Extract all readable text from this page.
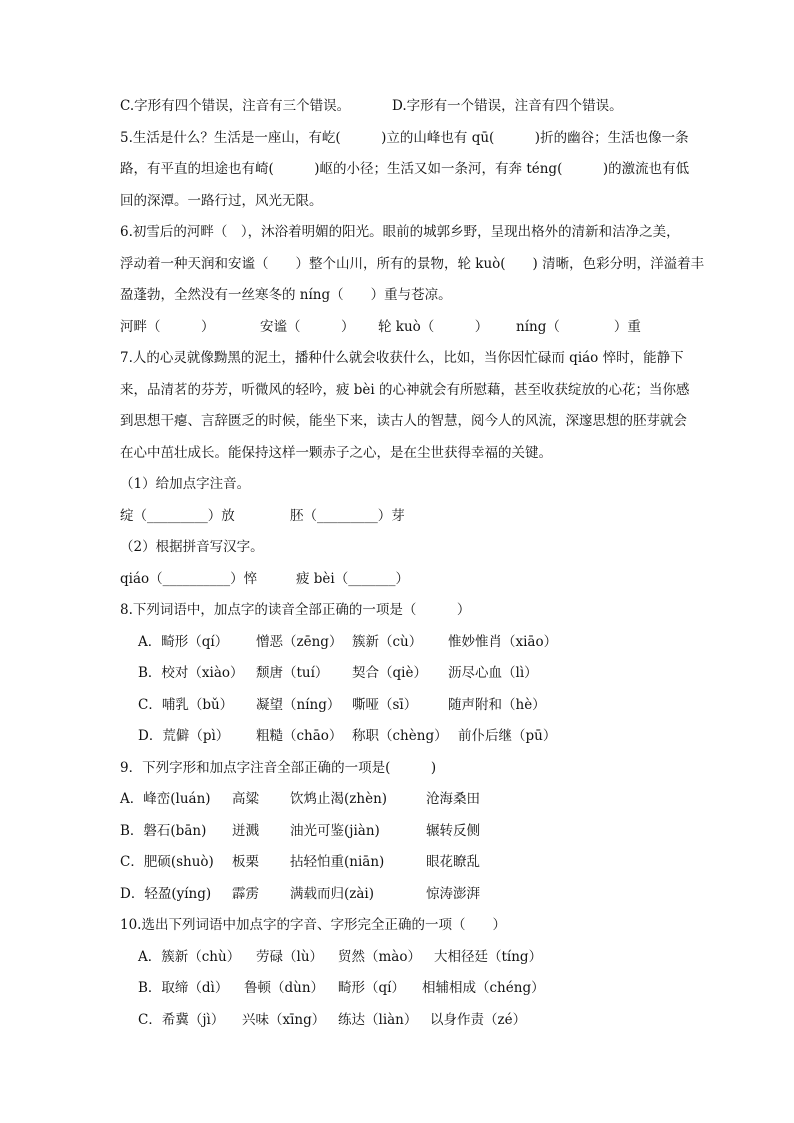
C.字形有四个错误，注音有三个错误。	D.字形有一个错误，注音有四个错误。
5.生活是什么？生活是一座山，有屹(　　　)立的山峰也有 qū(　　　)折的幽谷；生活也像一条
路，有平直的坦途也有崎(　　　)岖的小径；生活又如一条河，有奔 téng(　　　)的激流也有低
回的深潭。一路行过，风光无限。
6.初雪后的河畔（　），沐浴着明媚的阳光。眼前的城郭乡野，呈现出格外的清新和洁净之美，
浮动着一种天润和安谧（　　）整个山川，所有的景物，轮 kuò(　　) 清晰，色彩分明，洋溢着丰
盈蓬勃，全然没有一丝寒冬的 níng（　　）重与苍凉。
河畔（　　　）	安谧（　　　） 轮 kuò（　　　） níng（　　　　）重
7.人的心灵就像黝黑的泥土，播种什么就会收获什么，比如，当你因忙碌而 qiáo 悴时，能静下
来，品清茗的芬芳，听微风的轻吟，疲 bèi 的心神就会有所慰藉，甚至收获绽放的心花；当你感
到思想干瘪、言辞匮乏的时候，能坐下来，读古人的智慧，阅今人的风流，深邃思想的胚芽就会
在心中茁壮成长。能保持这样一颗赤子之心，是在尘世获得幸福的关键。
（1）给加点字注音。
绽（_________）放	胚（_________）芽
（2）根据拼音写汉字。
qiáo（__________）悴	疲 bèi（_______）
8.下列词语中，加点字的读音全部正确的一项是（　　　）
A．畸形（qí） 憎恶（zēng） 簇新（cù） 惟妙惟肖（xiāo）
B．校对（xiào） 颓唐（tuí） 契合（qiè） 沥尽心血（lì）
C．哺乳（bǔ） 凝望（níng） 嘶哑（sī） 随声附和（hè）
D．荒僻（pì） 粗糙（chāo） 称职（chèng） 前仆后继（pū）
9．下列字形和加点字注音全部正确的一项是(　　　)
A．峰峦(luán) 高粱 饮鸩止渴(zhèn)	沧海桑田
B．磐石(bān) 迸溅 油光可鉴(jiàn)	辗转反侧
C．肥硕(shuò) 板栗 拈轻怕重(niān)	眼花瞭乱
D．轻盈(yíng) 霹雳 满载而归(zài)	惊涛澎湃
10.选出下列词语中加点字的字音、字形完全正确的一项（　　）
A．簇新（chù） 劳碌（lù） 贸然（mào） 大相径廷（tíng）
B．取缔（dì） 鲁顿（dùn） 畸形（qí） 相辅相成（chéng）
C．希冀（jì） 兴味（xīng） 练达（liàn） 以身作责（zé）
